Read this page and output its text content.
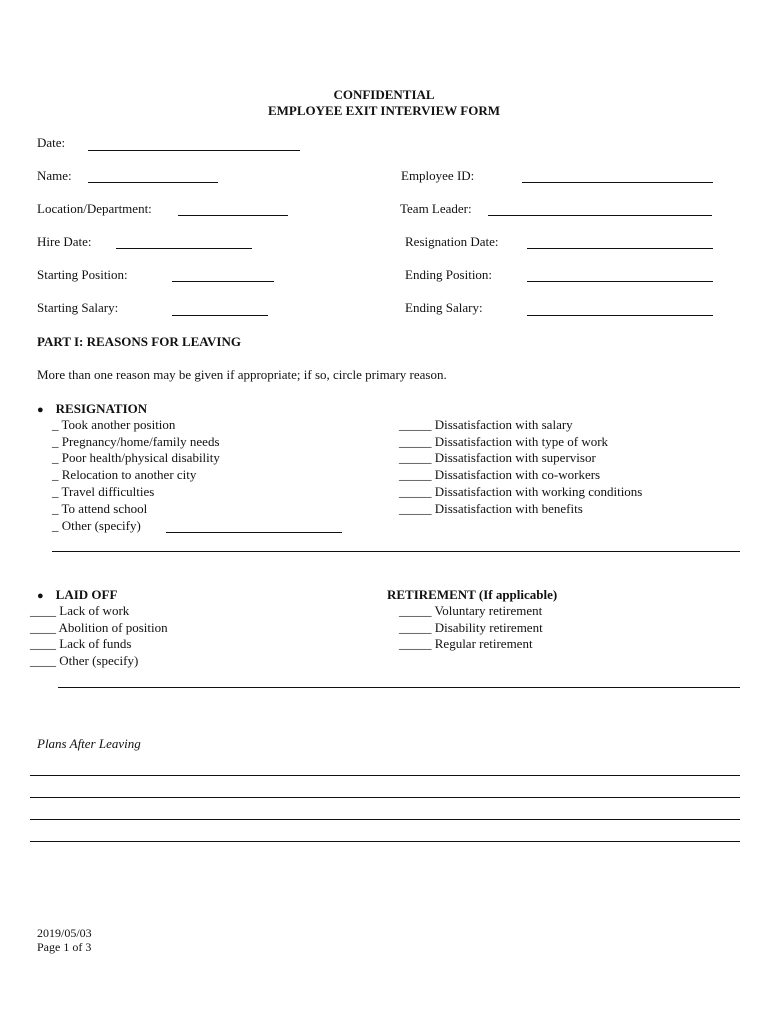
CONFIDENTIAL
EMPLOYEE EXIT INTERVIEW FORM
Date:
Name:	Employee ID:
Location/Department:	Team Leader:
Hire Date:	Resignation Date:
Starting Position:	Ending Position:
Starting Salary:	Ending Salary:
PART I: REASONS FOR LEAVING
More than one reason may be given if appropriate; if so, circle primary reason.
● RESIGNATION
_ Took another position
_ Pregnancy/home/family needs
_ Poor health/physical disability
_ Relocation to another city
_ Travel difficulties
_ To attend school
_ Other (specify)
_____ Dissatisfaction with salary
_____ Dissatisfaction with type of work
_____ Dissatisfaction with supervisor
_____ Dissatisfaction with co-workers
_____ Dissatisfaction with working conditions
_____ Dissatisfaction with benefits
● LAID OFF
____ Lack of work
____ Abolition of position
____ Lack of funds
____ Other (specify)
RETIREMENT (If applicable)
_____ Voluntary retirement
_____ Disability retirement
_____ Regular retirement
Plans After Leaving
2019/05/03
Page 1 of 3
